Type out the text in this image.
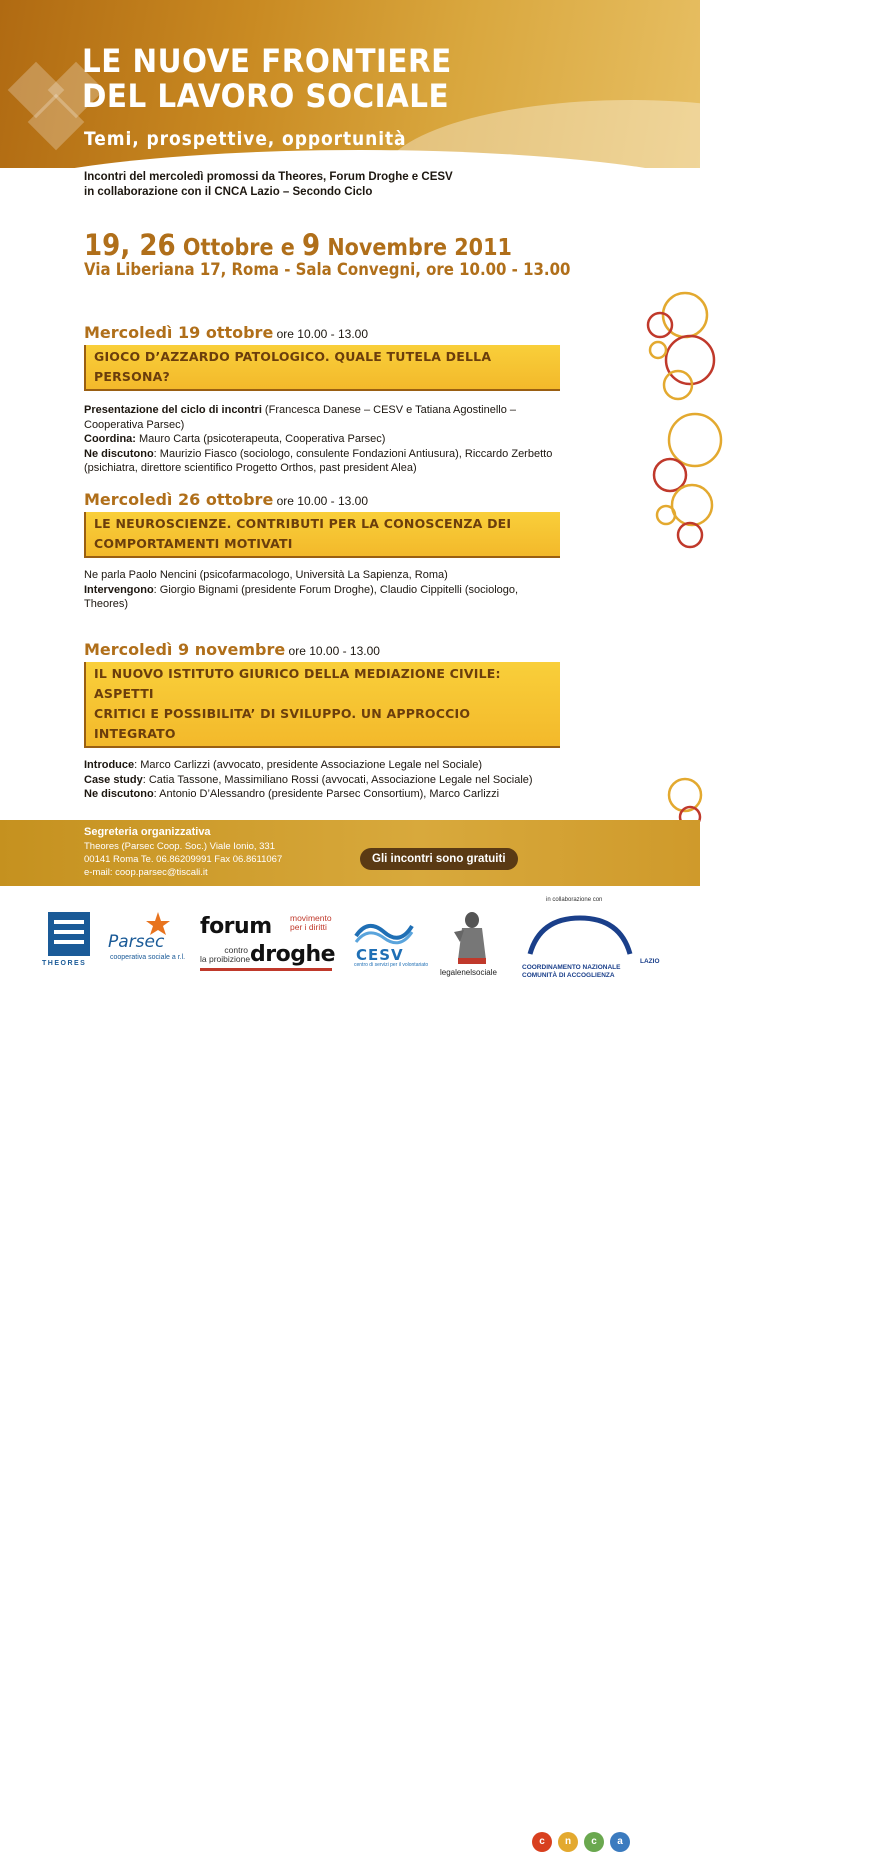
LE NUOVE FRONTIERE
DEL LAVORO SOCIALE
Temi, prospettive, opportunità
Incontri del mercoledì promossi da Theores, Forum Droghe e CESV
in collaborazione con il CNCA Lazio – Secondo Ciclo
19, 26 Ottobre e 9 Novembre 2011
Via Liberiana 17, Roma - Sala Convegni, ore 10.00 - 13.00
Mercoledì 19 ottobre ore 10.00 - 13.00
GIOCO D’AZZARDO PATOLOGICO. QUALE TUTELA DELLA PERSONA?
Presentazione del ciclo di incontri (Francesca Danese – CESV e Tatiana Agostinello – Cooperativa Parsec)
Coordina: Mauro Carta (psicoterapeuta, Cooperativa Parsec)
Ne discutono: Maurizio Fiasco (sociologo, consulente Fondazioni Antiusura), Riccardo Zerbetto (psichiatra, direttore scientifico Progetto Orthos, past president Alea)
Mercoledì 26 ottobre ore 10.00 - 13.00
LE NEUROSCIENZE. CONTRIBUTI PER LA CONOSCENZA DEI
COMPORTAMENTI MOTIVATI
Ne parla Paolo Nencini (psicofarmacologo, Università La Sapienza, Roma)
Intervengono: Giorgio Bignami (presidente Forum Droghe), Claudio Cippitelli (sociologo, Theores)
Mercoledì 9 novembre ore 10.00 - 13.00
IL NUOVO ISTITUTO GIURICO DELLA MEDIAZIONE CIVILE: ASPETTI
CRITICI E POSSIBILITA’ DI SVILUPPO. UN APPROCCIO INTEGRATO
Introduce: Marco Carlizzi (avvocato, presidente Associazione Legale nel Sociale)
Case study: Catia Tassone, Massimiliano Rossi (avvocati, Associazione Legale nel Sociale)
Ne discutono: Antonio D’Alessandro (presidente Parsec Consortium), Marco Carlizzi
Segreteria organizzativa
Theores (Parsec Coop. Soc.) Viale Ionio, 331
00141 Roma Te. 06.86209991 Fax 06.8611067
e-mail: coop.parsec@tiscali.it
Gli incontri sono gratuiti
in collaborazione con
THEORES
Parsec
cooperativa sociale a r.l.
forum movimento
per i diritti
contro
la proibizione droghe CESV
centro di servizi per il volontariato
legalenelsociale
c	n	c	a
LAZIO
COORDINAMENTO NAZIONALE
COMUNITÀ DI ACCOGLIENZA
